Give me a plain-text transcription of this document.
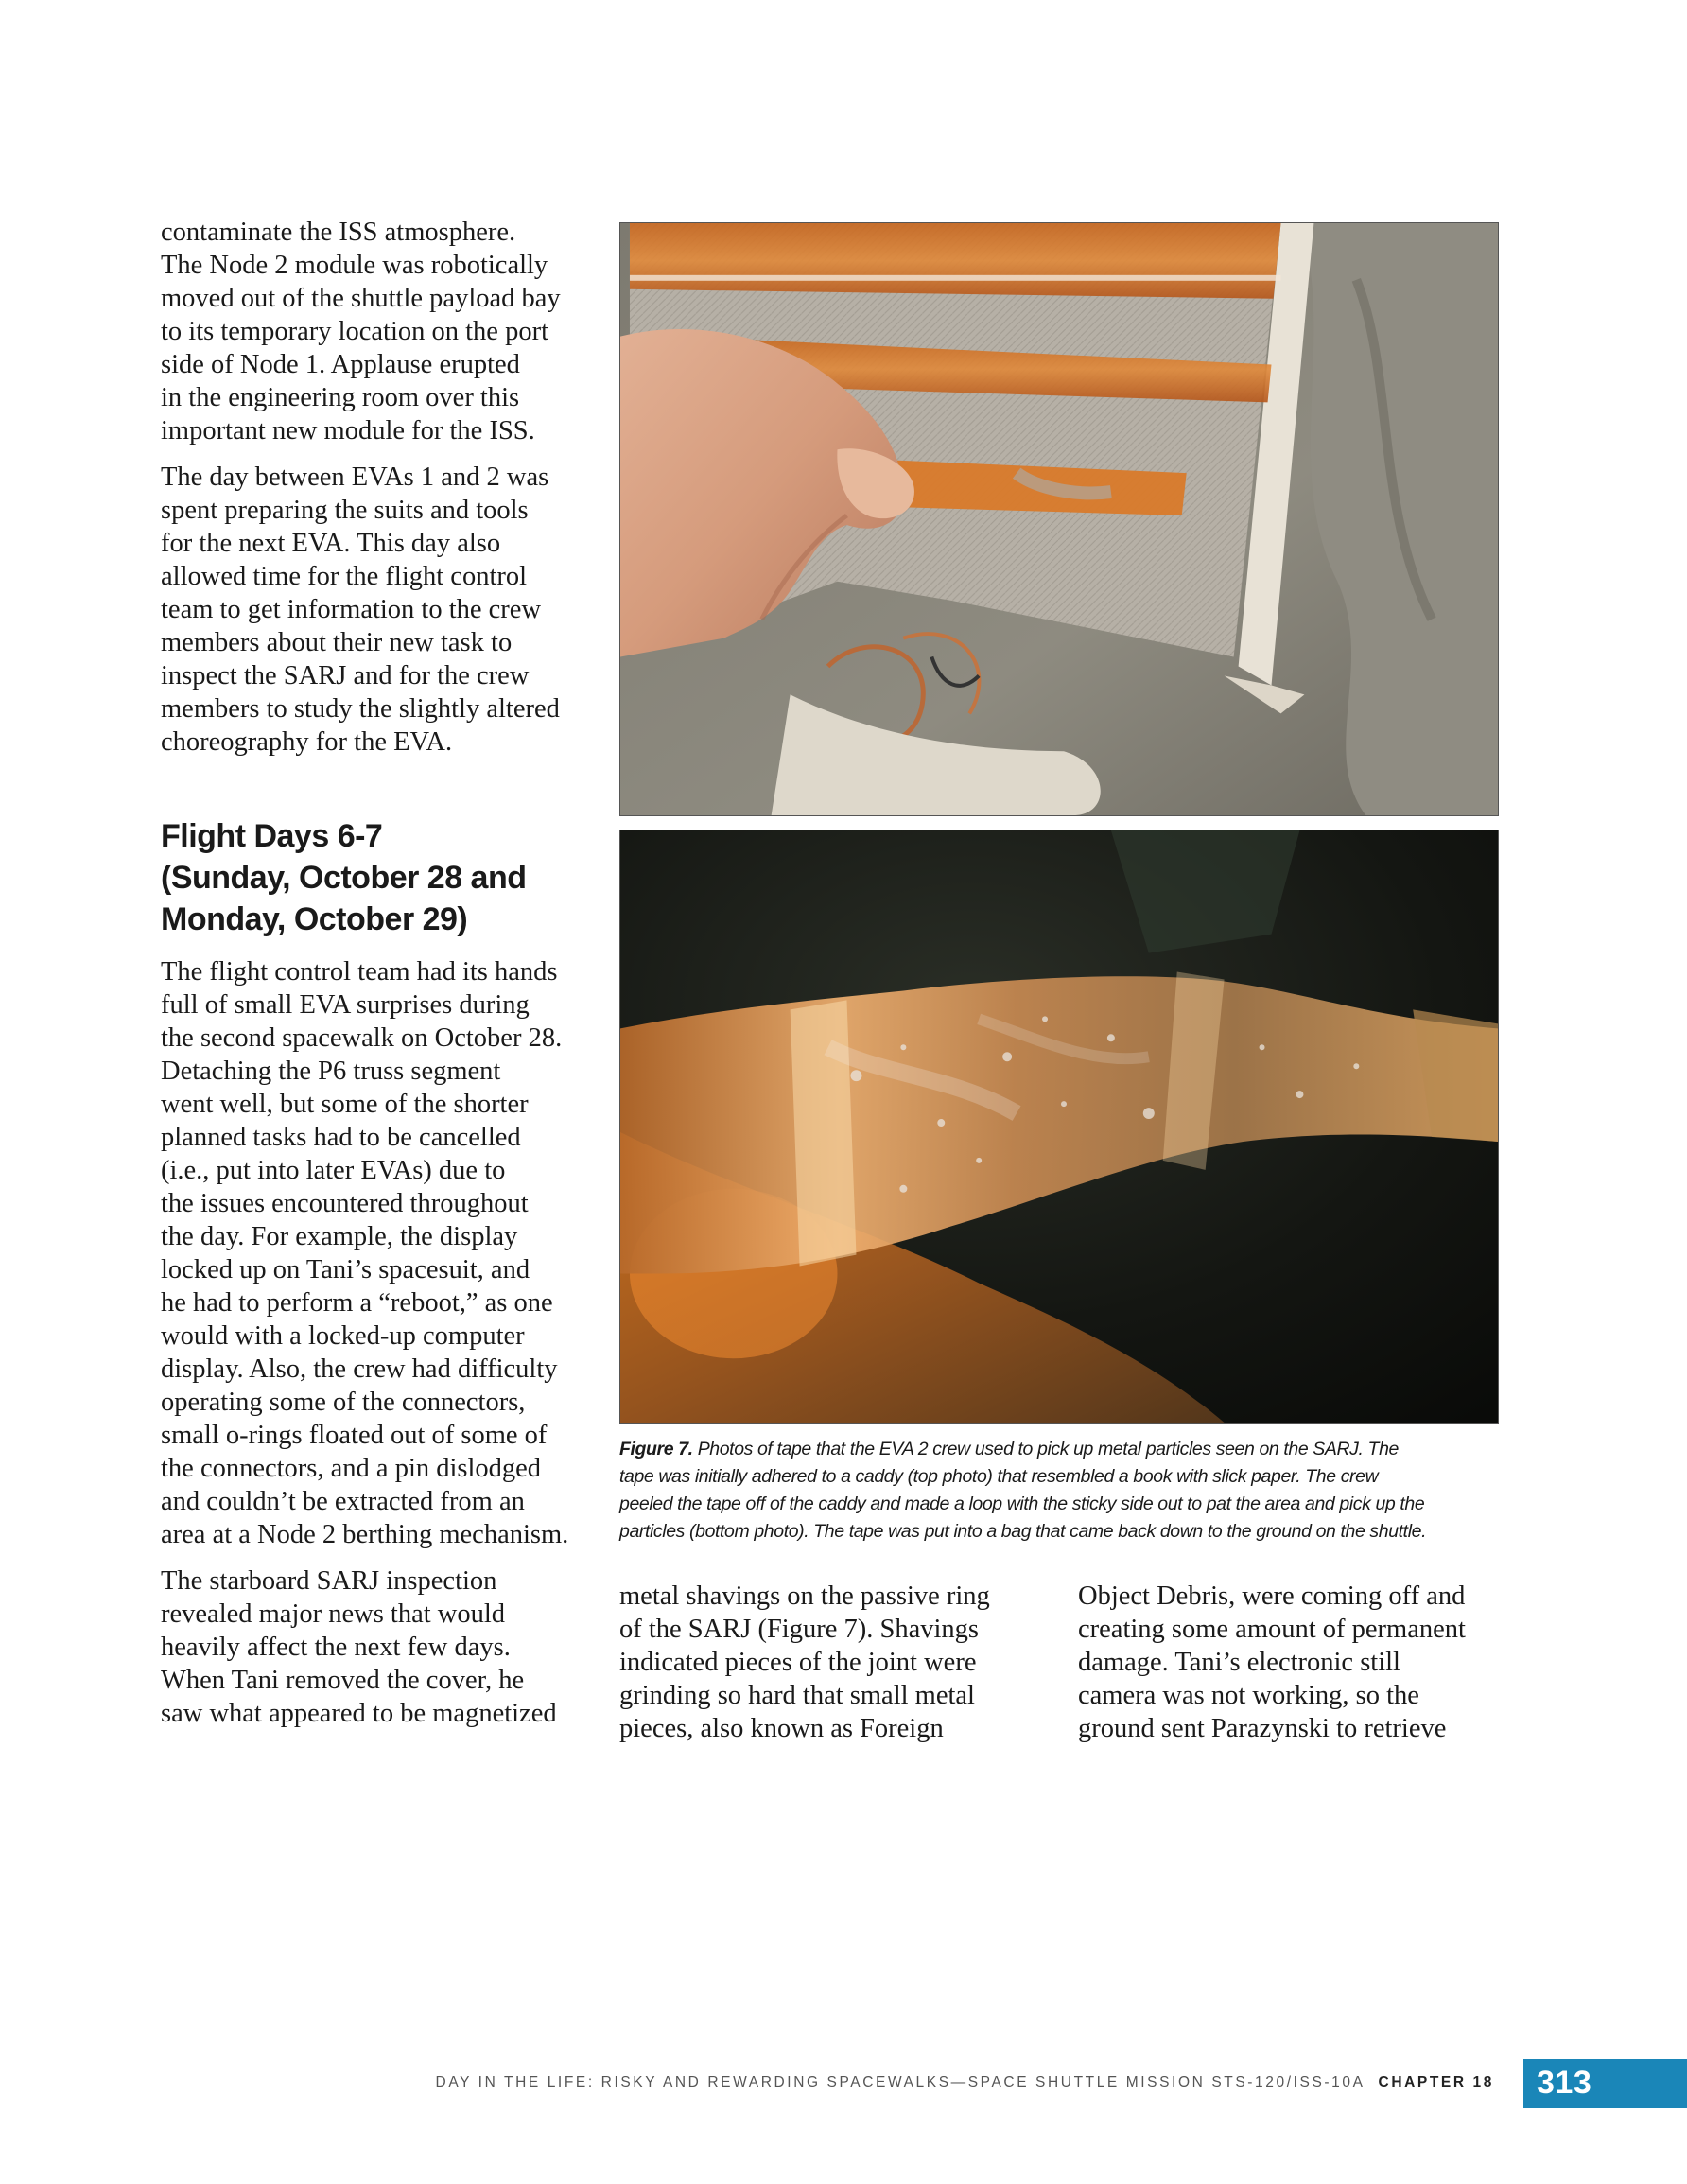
contaminate the ISS atmosphere.
The Node 2 module was robotically
moved out of the shuttle payload bay
to its temporary location on the port
side of Node 1. Applause erupted
in the engineering room over this
important new module for the ISS.

The day between EVAs 1 and 2 was
spent preparing the suits and tools
for the next EVA. This day also
allowed time for the flight control
team to get information to the crew
members about their new task to
inspect the SARJ and for the crew
members to study the slightly altered
choreography for the EVA.

Flight Days 6-7
(Sunday, October 28 and
Monday, October 29)

The flight control team had its hands
full of small EVA surprises during
the second spacewalk on October 28.
Detaching the P6 truss segment
went well, but some of the shorter
planned tasks had to be cancelled
(i.e., put into later EVAs) due to
the issues encountered throughout
the day. For example, the display
locked up on Tani’s spacesuit, and
he had to perform a “reboot,” as one
would with a locked-up computer
display. Also, the crew had difficulty
operating some of the connectors,
small o-rings floated out of some of
the connectors, and a pin dislodged
and couldn’t be extracted from an
area at a Node 2 berthing mechanism.

The starboard SARJ inspection
revealed major news that would
heavily affect the next few days.
When Tani removed the cover, he
saw what appeared to be magnetized

Figure 7. Photos of tape that the EVA 2 crew used to pick up metal particles seen on the SARJ. The
tape was initially adhered to a caddy (top photo) that resembled a book with slick paper. The crew
peeled the tape off of the caddy and made a loop with the sticky side out to pat the area and pick up the
particles (bottom photo). The tape was put into a bag that came back down to the ground on the shuttle.

metal shavings on the passive ring
of the SARJ (Figure 7). Shavings
indicated pieces of the joint were
grinding so hard that small metal
pieces, also known as Foreign

Object Debris, were coming off and
creating some amount of permanent
damage. Tani’s electronic still
camera was not working, so the
ground sent Parazynski to retrieve

DAY IN THE LIFE: RISKY AND REWARDING SPACEWALKS—SPACE SHUTTLE MISSION STS-120/ISS-10A CHAPTER 18 313
